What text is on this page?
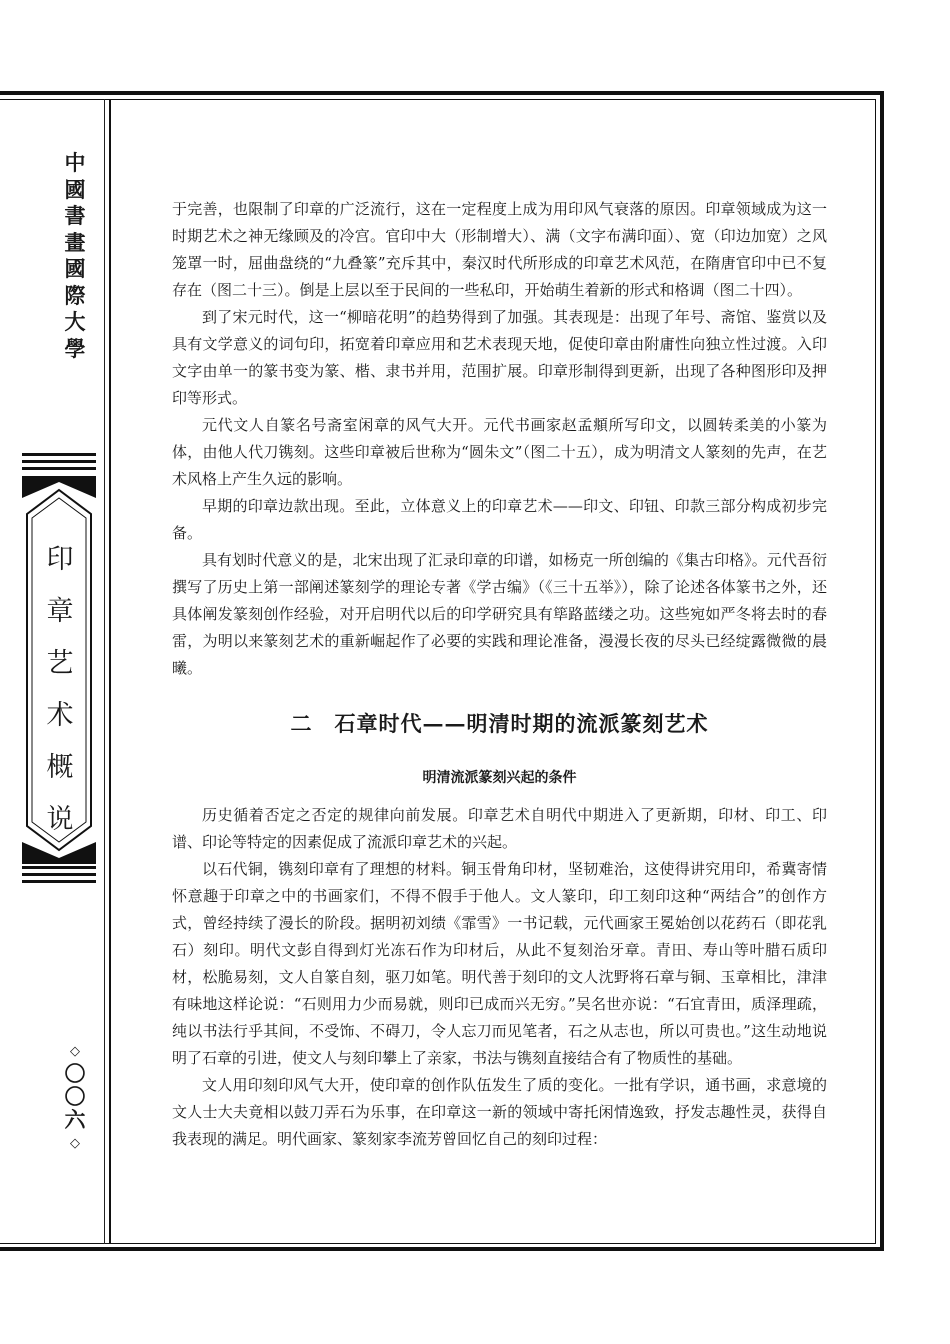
中
國
書
畫
國
際
大
學
印
章
艺
术
概
说
◇
〇
〇
六
◇

于完善，也限制了印章的广泛流行，这在一定程度上成为用印风气衰落的原因。印章领域成为这一时期艺术之神无缘顾及的冷宫。官印中大（形制增大）、满（文字布满印面）、宽（印边加宽）之风笼罩一时，屈曲盘绕的“九叠篆”充斥其中，秦汉时代所形成的印章艺术风范，在隋唐官印中已不复存在（图二十三）。倒是上层以至于民间的一些私印，开始萌生着新的形式和格调（图二十四）。

到了宋元时代，这一“柳暗花明”的趋势得到了加强。其表现是：出现了年号、斋馆、鉴赏以及具有文学意义的词句印，拓宽着印章应用和艺术表现天地，促使印章由附庸性向独立性过渡。入印文字由单一的篆书变为篆、楷、隶书并用，范围扩展。印章形制得到更新，出现了各种图形印及押印等形式。

元代文人自篆名号斋室闲章的风气大开。元代书画家赵孟頫所写印文，以圆转柔美的小篆为体，由他人代刀镌刻。这些印章被后世称为“圆朱文”（图二十五），成为明清文人篆刻的先声，在艺术风格上产生久远的影响。

早期的印章边款出现。至此，立体意义上的印章艺术——印文、印钮、印款三部分构成初步完备。

具有划时代意义的是，北宋出现了汇录印章的印谱，如杨克一所创编的《集古印格》。元代吾衍撰写了历史上第一部阐述篆刻学的理论专著《学古编》（《三十五举》），除了论述各体篆书之外，还具体阐发篆刻创作经验，对开启明代以后的印学研究具有筚路蓝缕之功。这些宛如严冬将去时的春雷，为明以来篆刻艺术的重新崛起作了必要的实践和理论准备，漫漫长夜的尽头已经绽露微微的晨曦。

二　石章时代——明清时期的流派篆刻艺术
明清流派篆刻兴起的条件

历史循着否定之否定的规律向前发展。印章艺术自明代中期进入了更新期，印材、印工、印谱、印论等特定的因素促成了流派印章艺术的兴起。

以石代铜，镌刻印章有了理想的材料。铜玉骨角印材，坚韧难治，这使得讲究用印，希冀寄情怀意趣于印章之中的书画家们，不得不假手于他人。文人篆印，印工刻印这种“两结合”的创作方式，曾经持续了漫长的阶段。据明初刘绩《霏雪》一书记载，元代画家王冕始创以花药石（即花乳石）刻印。明代文彭自得到灯光冻石作为印材后，从此不复刻治牙章。青田、寿山等叶腊石质印材，松脆易刻，文人自篆自刻，驱刀如笔。明代善于刻印的文人沈野将石章与铜、玉章相比，津津有味地这样论说：“石则用力少而易就，则印已成而兴无穷。”吴名世亦说：“石宜青田，质泽理疏，纯以书法行乎其间，不受饰、不碍刀，令人忘刀而见笔者，石之从志也，所以可贵也。”这生动地说明了石章的引进，使文人与刻印攀上了亲家，书法与镌刻直接结合有了物质性的基础。

文人用印刻印风气大开，使印章的创作队伍发生了质的变化。一批有学识，通书画，求意境的文人士大夫竟相以鼓刀弄石为乐事，在印章这一新的领域中寄托闲情逸致，抒发志趣性灵，获得自我表现的满足。明代画家、篆刻家李流芳曾回忆自己的刻印过程：
